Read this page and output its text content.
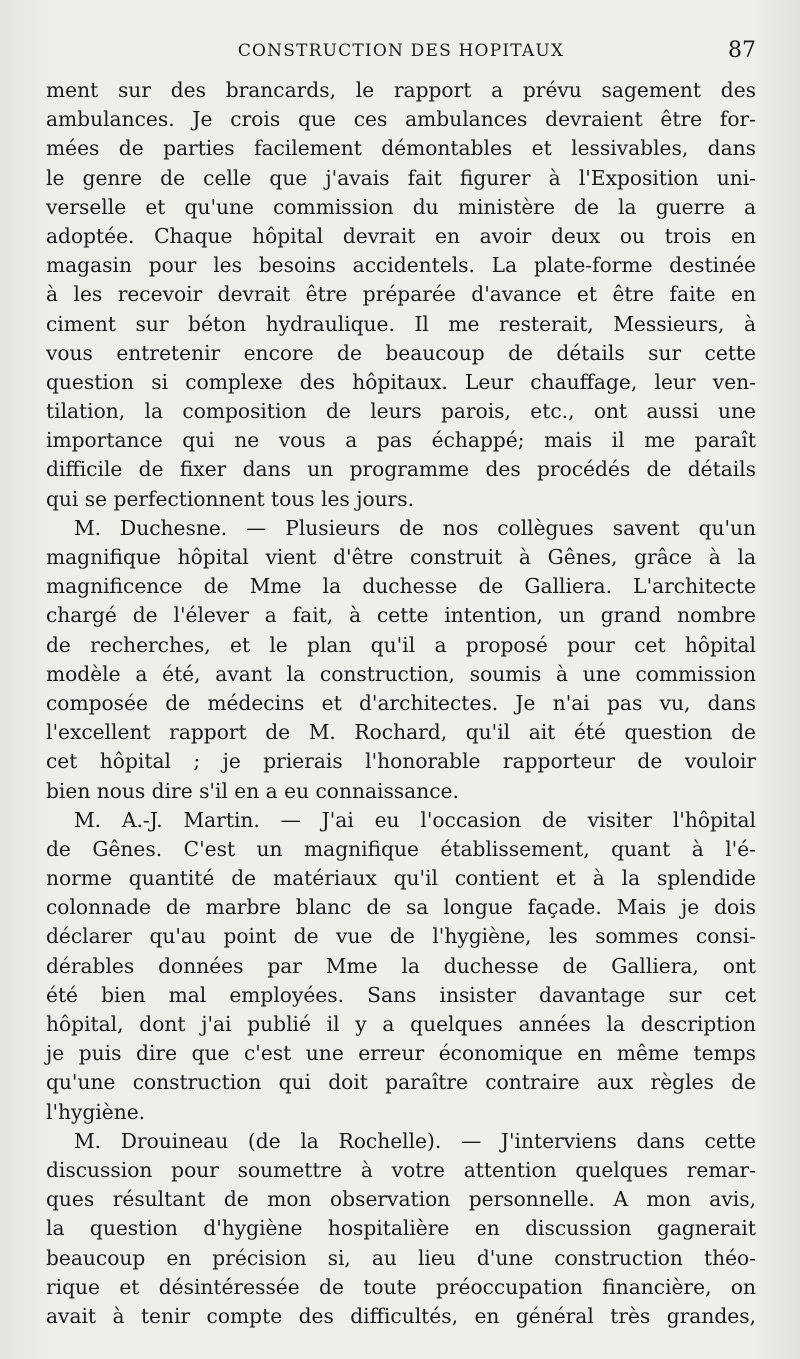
CONSTRUCTION DES HOPITAUX	87
ment sur des brancards, le rapport a prévu sagement des
ambulances. Je crois que ces ambulances devraient être for-
mées de parties facilement démontables et lessivables, dans
le genre de celle que j'avais fait figurer à l'Exposition uni-
verselle et qu'une commission du ministère de la guerre a
adoptée. Chaque hôpital devrait en avoir deux ou trois en
magasin pour les besoins accidentels. La plate-forme destinée
à les recevoir devrait être préparée d'avance et être faite en
ciment sur béton hydraulique. Il me resterait, Messieurs, à
vous entretenir encore de beaucoup de détails sur cette
question si complexe des hôpitaux. Leur chauffage, leur ven-
tilation, la composition de leurs parois, etc., ont aussi une
importance qui ne vous a pas échappé; mais il me paraît
difficile de fixer dans un programme des procédés de détails
qui se perfectionnent tous les jours.
M. Duchesne. — Plusieurs de nos collègues savent qu'un
magnifique hôpital vient d'être construit à Gênes, grâce à la
magnificence de Mme la duchesse de Galliera. L'architecte
chargé de l'élever a fait, à cette intention, un grand nombre
de recherches, et le plan qu'il a proposé pour cet hôpital
modèle a été, avant la construction, soumis à une commission
composée de médecins et d'architectes. Je n'ai pas vu, dans
l'excellent rapport de M. Rochard, qu'il ait été question de
cet hôpital ; je prierais l'honorable rapporteur de vouloir
bien nous dire s'il en a eu connaissance.
M. A.-J. Martin. — J'ai eu l'occasion de visiter l'hôpital
de Gênes. C'est un magnifique établissement, quant à l'é-
norme quantité de matériaux qu'il contient et à la splendide
colonnade de marbre blanc de sa longue façade. Mais je dois
déclarer qu'au point de vue de l'hygiène, les sommes consi-
dérables données par Mme la duchesse de Galliera, ont
été bien mal employées. Sans insister davantage sur cet
hôpital, dont j'ai publié il y a quelques années la description
je puis dire que c'est une erreur économique en même temps
qu'une construction qui doit paraître contraire aux règles de
l'hygiène.
M. Drouineau (de la Rochelle). — J'interviens dans cette
discussion pour soumettre à votre attention quelques remar-
ques résultant de mon observation personnelle. A mon avis,
la question d'hygiène hospitalière en discussion gagnerait
beaucoup en précision si, au lieu d'une construction théo-
rique et désintéressée de toute préoccupation financière, on
avait à tenir compte des difficultés, en général très grandes,
